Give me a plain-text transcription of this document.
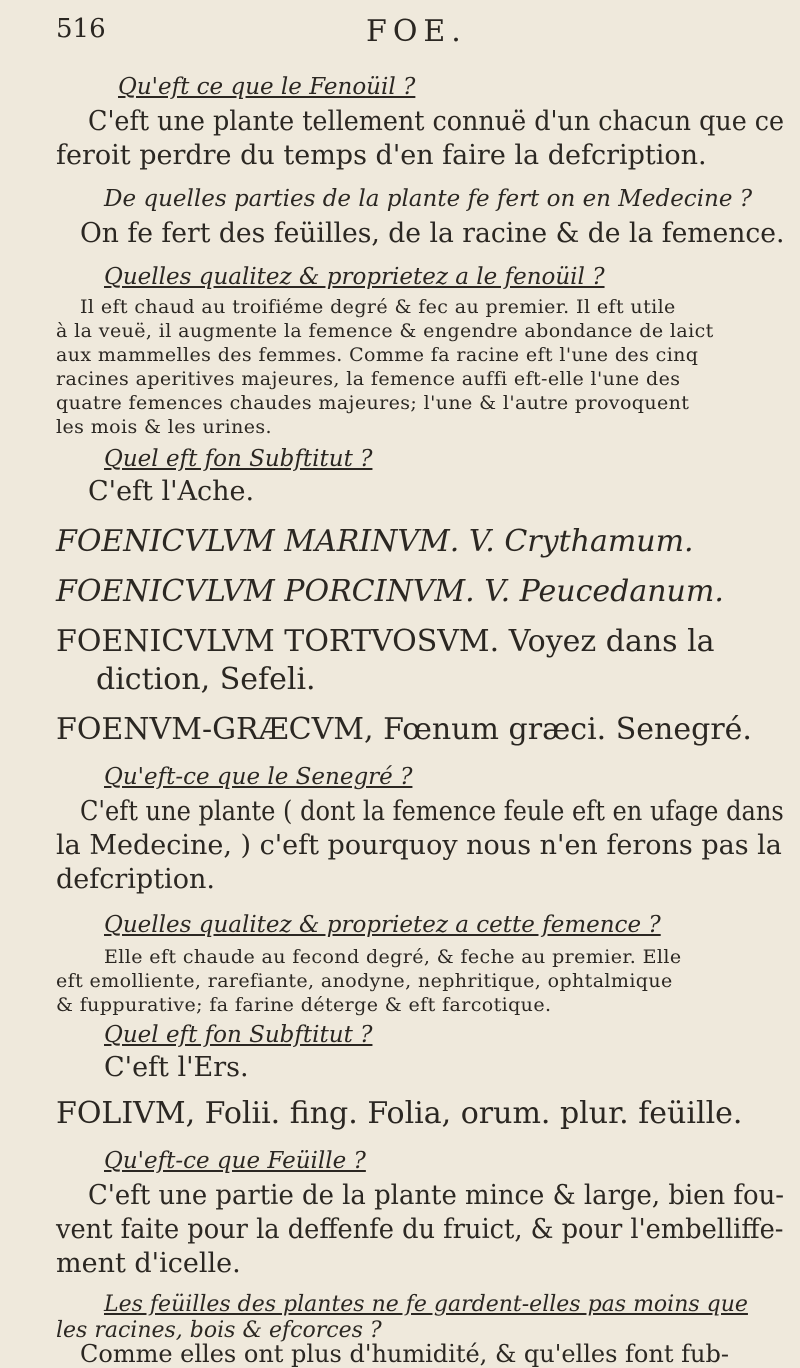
516	FOE.

Qu'eft ce que le Fenoüil ?

C'eft une plante tellement connuë d'un chacun que ce

feroit perdre du temps d'en faire la defcription.

De quelles parties de la plante fe fert on en Medecine ?

On fe fert des feüilles, de la racine & de la femence.

Quelles qualitez & proprietez a le fenoüil ?

Il eft chaud au troifiéme degré & fec au premier. Il eft utile

à la veuë, il augmente la femence & engendre abondance de laict

aux mammelles des femmes. Comme fa racine eft l'une des cinq

racines aperitives majeures, la femence auffi eft-elle l'une des

quatre femences chaudes majeures; l'une & l'autre provoquent

les mois & les urines.

Quel eft fon Subftitut ?

C'eft l'Ache.

FOENICVLVM MARINVM. V. Crythamum.

FOENICVLVM PORCINVM. V. Peucedanum.

FOENICVLVM TORTVOSVM. Voyez dans la

diction, Sefeli.

FOENVM-GRÆCVM, Fœnum græci. Senegré.

Qu'eft-ce que le Senegré ?

C'eft une plante ( dont la femence feule eft en ufage dans

la Medecine, ) c'eft pourquoy nous n'en ferons pas la

defcription.

Quelles qualitez & proprietez a cette femence ?

Elle eft chaude au fecond degré, & feche au premier. Elle

eft emolliente, rarefiante, anodyne, nephritique, ophtalmique

& fuppurative; fa farine déterge & eft farcotique.

Quel eft fon Subftitut ?

C'eft l'Ers.

FOLIVM, Folii. fing. Folia, orum. plur. feüille.

Qu'eft-ce que Feüille ?

C'eft une partie de la plante mince & large, bien fou-

vent faite pour la deffenfe du fruict, & pour l'embelliffe-

ment d'icelle.

Les feüilles des plantes ne fe gardent-elles pas moins que

les racines, bois & efcorces ?

Comme elles ont plus d'humidité, & qu'elles font fub-
